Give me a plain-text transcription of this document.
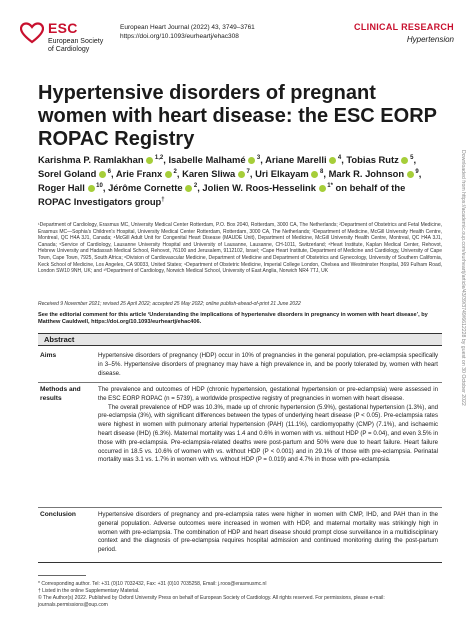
ESC
European Society
of Cardiology
European Heart Journal (2022) 43, 3749–3761
https://doi.org/10.1093/eurheartj/ehac308
CLINICAL RESEARCH
Hypertension
Hypertensive disorders of pregnant women with heart disease: the ESC EORP ROPAC Registry
Karishma P. Ramlakhan  $^{1,2}$, Isabelle Malhamé  $^3$, Ariane Marelli  $^4$, Tobias Rutz  $^5$, Sorel Goland  $^6$, Arie Franx  $^2$, Karen Sliwa  $^7$, Uri Elkayam  $^8$, Mark R. Johnson  $^9$, Roger Hall  $^{10}$, Jérôme Cornette  $^2$, Jolien W. Roos-Hesselink  $^{1*}$ on behalf of the ROPAC Investigators group†
¹Department of Cardiology, Erasmus MC, University Medical Center Rotterdam, P.O. Box 2040, Rotterdam, 3000 CA, The Netherlands; ²Department of Obstetrics and Fetal Medicine, Erasmus MC—Sophia's Children's Hospital, University Medical Center Rotterdam, Rotterdam, 3000 CA, The Netherlands; ³Department of Medicine, McGill University Health Centre, Montreal, QC H4A 3J1, Canada; ⁴McGill Adult Unit for Congenital Heart Disease (MAUDE Unit), Department of Medicine, McGill University Health Centre, Montreal, QC H4A 3J1, Canada; ⁵Service of Cardiology, Lausanne University Hospital and University of Lausanne, Lausanne, CH-1011, Switzerland; ⁶Heart Institute, Kaplan Medical Center, Rehovot, Hebrew University and Hadassah Medical School, Rehovot, 76100 and Jerusalem, 9112102, Israel; ⁷Cape Heart Institute, Department of Medicine and Cardiology, University of Cape Town, Cape Town, 7925, South Africa; ⁸Division of Cardiovascular Medicine, Department of Medicine and Department of Obstetrics and Gynecology, University of Southern California, Keck School of Medicine, Los Angeles, CA 90033, United States; ⁹Department of Obstetric Medicine, Imperial College London, Chelsea and Westminster Hospital, 369 Fulham Road, London SW10 9NH, UK; and ¹⁰Department of Cardiology, Norwich Medical School, University of East Anglia, Norwich NR4 7TJ, UK
Received 9 November 2021; revised 25 April 2022; accepted 25 May 2022; online publish-ahead-of-print 21 June 2022
See the editorial comment for this article ‘Understanding the implications of hypertensive disorders in pregnancy in women with heart disease’, by Matthew Cauldwell, https://doi.org/10.1093/eurheartj/ehac406.
Abstract
Aims	Hypertensive disorders of pregnancy (HDP) occur in 10% of pregnancies in the general population, pre-eclampsia specifically in 3–5%. Hypertensive disorders of pregnancy may have a high prevalence in, and be poorly tolerated by, women with heart disease.

Methods and results

The prevalence and outcomes of HDP (chronic hypertension, gestational hypertension or pre-eclampsia) were assessed in the ESC EORP ROPAC (n = 5739), a worldwide prospective registry of pregnancies in women with heart disease.

The overall prevalence of HDP was 10.3%, made up of chronic hypertension (5.9%), gestational hypertension (1.3%), and pre-eclampsia (3%), with significant differences between the types of underlying heart disease (P < 0.05). Pre-eclampsia rates were highest in women with pulmonary arterial hypertension (PAH) (11.1%), cardiomyopathy (CMP) (7.1%), and ischaemic heart disease (IHD) (6.3%). Maternal mortality was 1.4 and 0.6% in women with vs. without HDP (P = 0.04), and even 3.5% in those with pre-eclampsia. Pre-eclampsia-related deaths were post-partum and 50% were due to heart failure. Heart failure occurred in 18.5 vs. 10.6% of women with vs. without HDP (P < 0.001) and in 29.1% of those with pre-eclampsia. Perinatal mortality was 3.1 vs. 1.7% in women with vs. without HDP (P = 0.019) and 4.7% in those with pre-eclampsia.

Conclusion	Hypertensive disorders of pregnancy and pre-eclampsia rates were higher in women with CMP, IHD, and PAH than in the general population. Adverse outcomes were increased in women with HDP, and maternal mortality was strikingly high in women with pre-eclampsia. The combination of HDP and heart disease should prompt close surveillance in a multidisciplinary context and the diagnosis of pre-eclampsia requires hospital admission and continued monitoring during the post-partum period.

* Corresponding author. Tel: +31 (0)10 7032432, Fax: +31 (0)10 7035258, Email: j.roos@erasmusmc.nl
† Listed in the online Supplementary Material.
© The Author(s) 2022. Published by Oxford University Press on behalf of European Society of Cardiology. All rights reserved. For permissions, please e-mail:
journals.permissions@oup.com
Downloaded from https://academic.oup.com/eurheartj/article/43/39/3749/6612228 by guest on 30 October 2022
